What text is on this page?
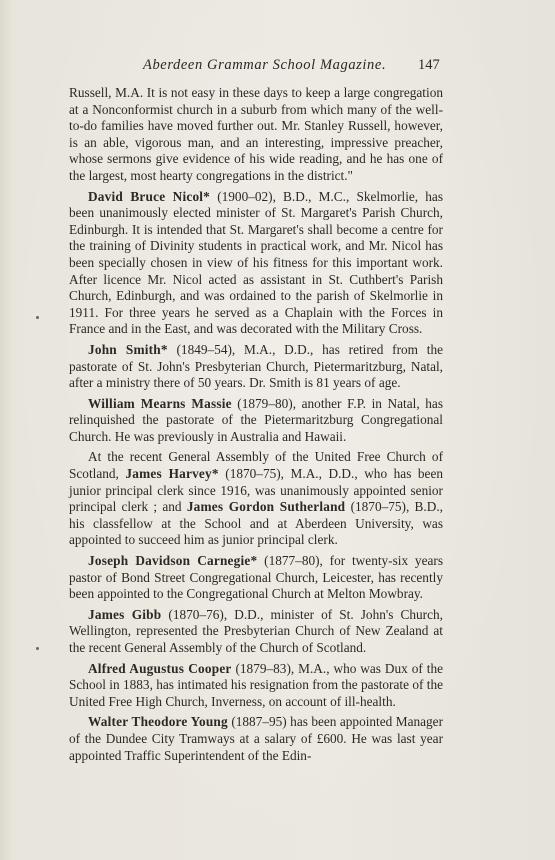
Aberdeen Grammar School Magazine. 147

Russell, M.A. It is not easy in these days to keep a large congregation at a Nonconformist church in a suburb from which many of the well-to-do families have moved further out. Mr. Stanley Russell, however, is an able, vigorous man, and an interesting, impressive preacher, whose sermons give evidence of his wide reading, and he has one of the largest, most hearty congregations in the district."

David Bruce Nicol* (1900–02), B.D., M.C., Skelmorlie, has been unanimously elected minister of St. Margaret's Parish Church, Edinburgh. It is intended that St. Margaret's shall become a centre for the training of Divinity students in practical work, and Mr. Nicol has been specially chosen in view of his fitness for this important work. After licence Mr. Nicol acted as assistant in St. Cuthbert's Parish Church, Edinburgh, and was ordained to the parish of Skelmorlie in 1911. For three years he served as a Chaplain with the Forces in France and in the East, and was decorated with the Military Cross.

John Smith* (1849–54), M.A., D.D., has retired from the pastorate of St. John's Presbyterian Church, Pietermaritzburg, Natal, after a ministry there of 50 years. Dr. Smith is 81 years of age.

William Mearns Massie (1879–80), another F.P. in Natal, has relinquished the pastorate of the Pietermaritzburg Congregational Church. He was previously in Australia and Hawaii.

At the recent General Assembly of the United Free Church of Scotland, James Harvey* (1870–75), M.A., D.D., who has been junior principal clerk since 1916, was unanimously appointed senior principal clerk ; and James Gordon Sutherland (1870–75), B.D., his classfellow at the School and at Aberdeen University, was appointed to succeed him as junior principal clerk.

Joseph Davidson Carnegie* (1877–80), for twenty-six years pastor of Bond Street Congregational Church, Leicester, has recently been appointed to the Congregational Church at Melton Mowbray.

James Gibb (1870–76), D.D., minister of St. John's Church, Wellington, represented the Presbyterian Church of New Zealand at the recent General Assembly of the Church of Scotland.

Alfred Augustus Cooper (1879–83), M.A., who was Dux of the School in 1883, has intimated his resignation from the pastorate of the United Free High Church, Inverness, on account of ill-health.

Walter Theodore Young (1887–95) has been appointed Manager of the Dundee City Tramways at a salary of £600. He was last year appointed Traffic Superintendent of the Edin-
